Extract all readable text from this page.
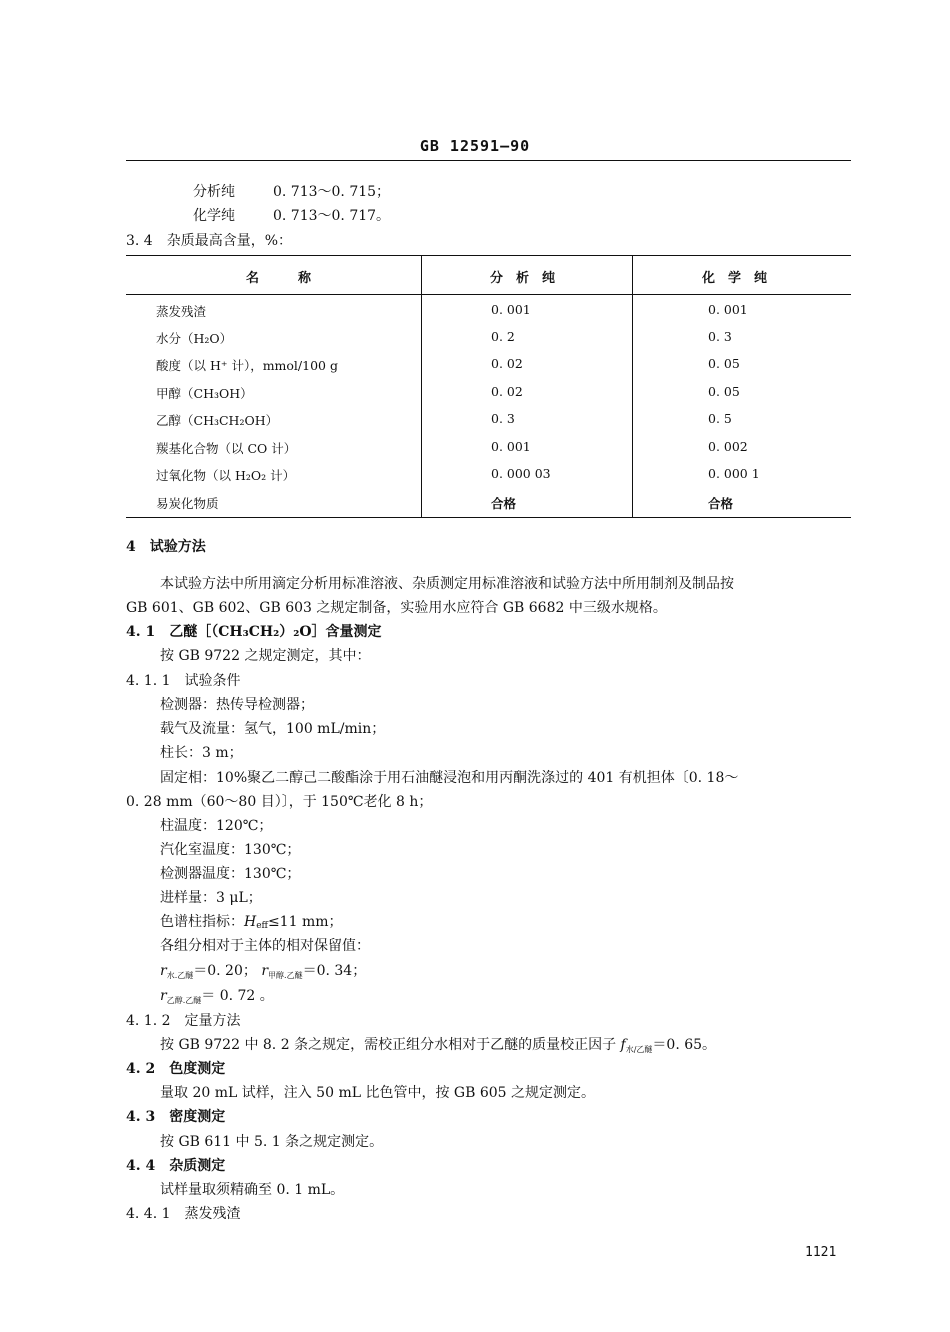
GB 12591—90
分析纯	0. 713～0. 715；
化学纯	0. 713～0. 717。
3. 4　杂质最高含量，%：
名　　　称	分　析　纯	化　学　纯
蒸发残渣	0. 001	0. 001
水分（H₂O）	0. 2	0. 3
酸度（以 H⁺ 计），mmol/100 g	0. 02	0. 05
甲醇（CH₃OH）	0. 02	0. 05
乙醇（CH₃CH₂OH）	0. 3	0. 5
羰基化合物（以 CO 计）	0. 001	0. 002
过氧化物（以 H₂O₂ 计）	0. 000 03	0. 000 1
易炭化物质	合格	合格
4　试验方法
本试验方法中所用滴定分析用标准溶液、杂质测定用标准溶液和试验方法中所用制剂及制品按
GB 601、GB 602、GB 603 之规定制备，实验用水应符合 GB 6682 中三级水规格。
4. 1　乙醚［（CH₃CH₂）₂O］含量测定
按 GB 9722 之规定测定，其中：
4. 1. 1　试验条件
检测器：热传导检测器；
载气及流量：氢气，100 mL/min；
柱长：3 m；
固定相：10%聚乙二醇己二酸酯涂于用石油醚浸泡和用丙酮洗涤过的 401 有机担体〔0. 18～
0. 28 mm（60～80 目）〕，于 150℃老化 8 h；
柱温度：120℃；
汽化室温度：130℃；
检测器温度：130℃；
进样量：3 μL；
色谱柱指标：$H_{eff}\le 11$ mm；
各组分相对于主体的相对保留值：
$r_{水.乙醚}=0$. 20； $r_{甲醇.乙醚}=0$. 34；
$r_{乙醇.乙醚}= 0$. 72 。
4. 1. 2　定量方法
按 GB 9722 中 8. 2 条之规定，需校正组分水相对于乙醚的质量校正因子 $f_{水/乙醚}=0$. 65。
4. 2　色度测定
量取 20 mL 试样，注入 50 mL 比色管中，按 GB 605 之规定测定。
4. 3　密度测定
按 GB 611 中 5. 1 条之规定测定。
4. 4　杂质测定
试样量取须精确至 0. 1 mL。
4. 4. 1　蒸发残渣
1121
